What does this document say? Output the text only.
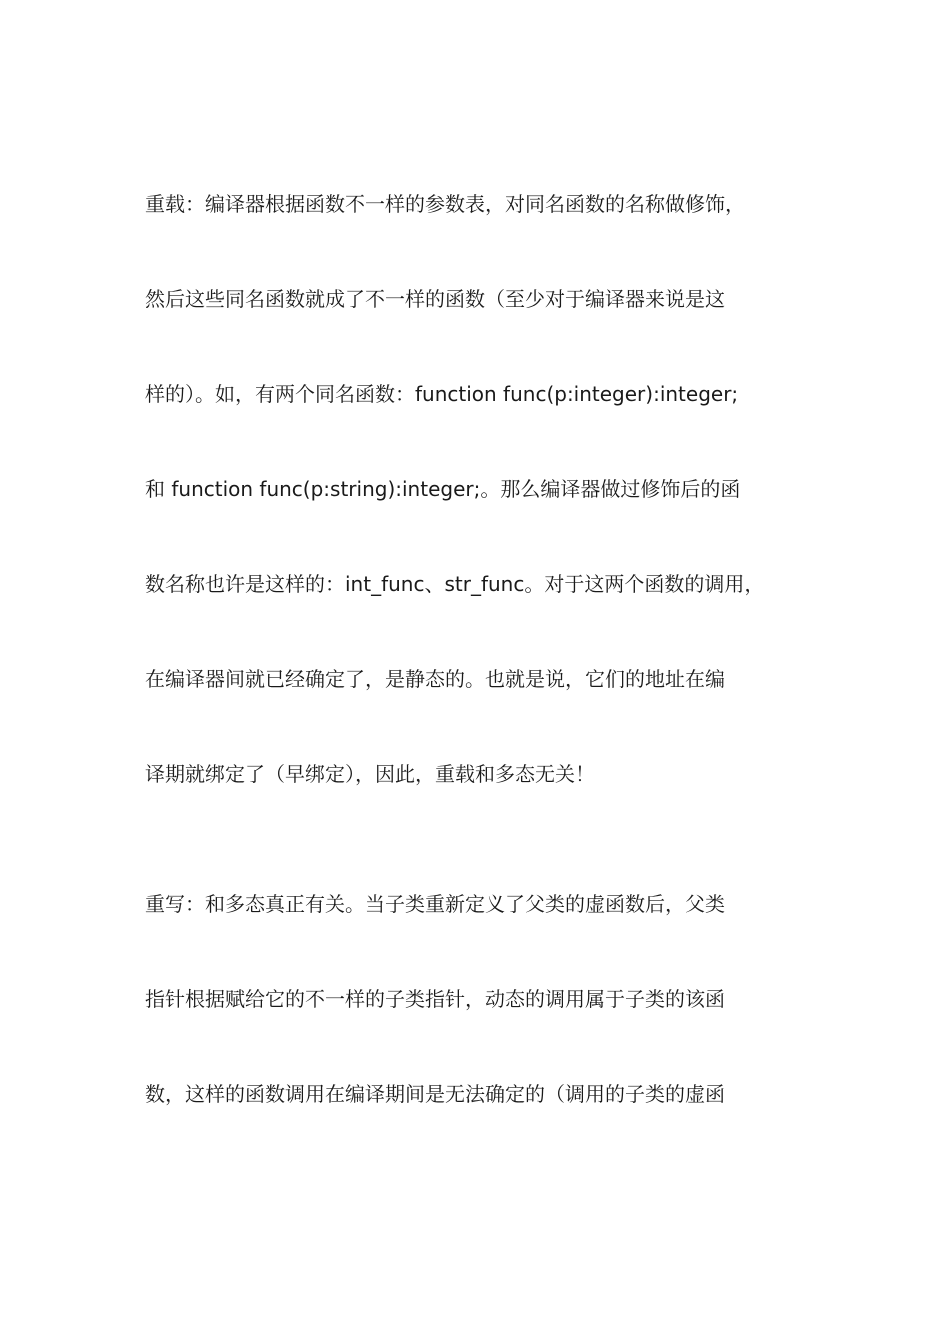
重载：编译器根据函数不一样的参数表，对同名函数的名称做修饰，
然后这些同名函数就成了不一样的函数（至少对于编译器来说是这
样的）。如，有两个同名函数：function func(p:integer):integer;
和 function func(p:string):integer;。那么编译器做过修饰后的函
数名称也许是这样的：int_func、str_func。对于这两个函数的调用，
在编译器间就已经确定了，是静态的。也就是说，它们的地址在编
译期就绑定了（早绑定），因此，重载和多态无关！
重写：和多态真正有关。当子类重新定义了父类的虚函数后，父类
指针根据赋给它的不一样的子类指针，动态的调用属于子类的该函
数，这样的函数调用在编译期间是无法确定的（调用的子类的虚函
